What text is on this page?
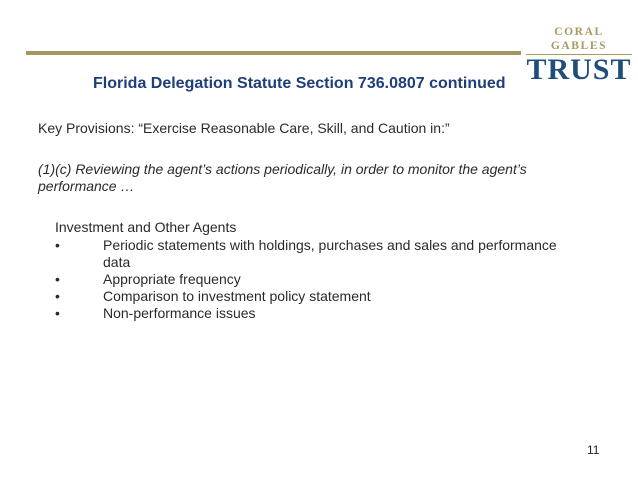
CORAL GABLES
TRUST
Florida Delegation Statute Section 736.0807 continued
Key Provisions: “Exercise Reasonable Care, Skill, and Caution in:”
(1)(c) Reviewing the agent’s actions periodically, in order to monitor the agent’s performance …
Investment and Other Agents
•	Periodic statements with holdings, purchases and sales and performance data
•	Appropriate frequency
•	Comparison to investment policy statement
•	Non-performance issues
11
